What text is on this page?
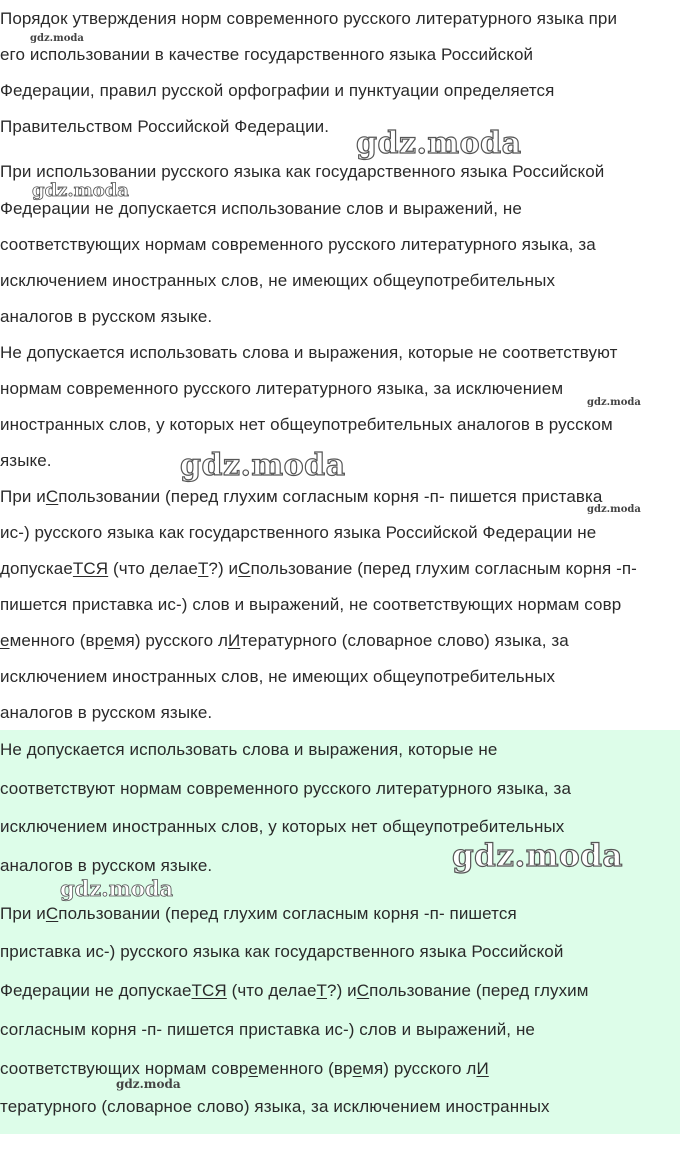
Порядок утверждения норм современного русского литературного языка при
его использовании в качестве государственного языка Российской
Федерации, правил русской орфографии и пунктуации определяется
Правительством Российской Федерации.
При использовании русского языка как государственного языка Российской
Федерации не допускается использование слов и выражений, не
соответствующих нормам современного русского литературного языка, за
исключением иностранных слов, не имеющих общеупотребительных
аналогов в русском языке.
Не допускается использовать слова и выражения, которые не соответствуют
нормам современного русского литературного языка, за исключением
иностранных слов, у которых нет общеупотребительных аналогов в русском
языке.
При иСпользовании (перед глухим согласным корня -п- пишется приставка
ис-) русского языка как государственного языка Российской Федерации не
допускаеТСЯ (что делаеТ?) иСпользование (перед глухим согласным корня -п-
пишется приставка ис-) слов и выражений, не соответствующих нормам совр
еменного (время) русского лИтературного (словарное слово) языка, за
исключением иностранных слов, не имеющих общеупотребительных
аналогов в русском языке.
Не допускается использовать слова и выражения, которые не
соответствуют нормам современного русского литературного языка, за
исключением иностранных слов, у которых нет общеупотребительных
аналогов в русском языке.
При иСпользовании (перед глухим согласным корня -п- пишется
приставка ис-) русского языка как государственного языка Российской
Федерации не допускаеТСЯ (что делаеТ?) иСпользование (перед глухим
согласным корня -п- пишется приставка ис-) слов и выражений, не
соответствующих нормам современного (время) русского лИ
тературного (словарное слово) языка, за исключением иностранных
gdz.moda
gdz.moda
gdz.moda
gdz.moda
gdz.moda
gdz.moda
gdz.moda
gdz.moda
gdz.moda
